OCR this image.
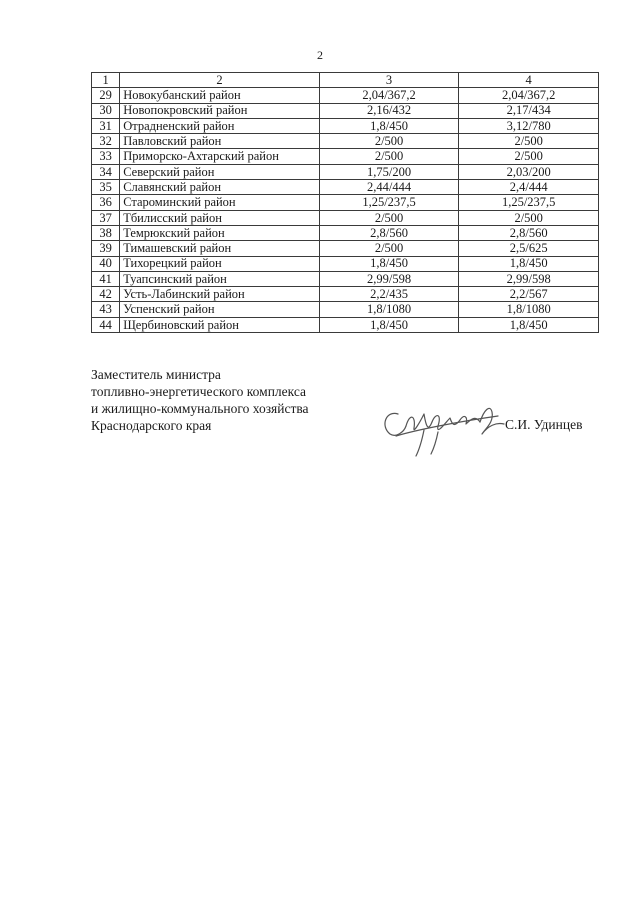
2
1	2	3	4
29	Новокубанский район	2,04/367,2	2,04/367,2
30	Новопокровский район	2,16/432	2,17/434
31	Отрадненский район	1,8/450	3,12/780
32	Павловский район	2/500	2/500
33	Приморско-Ахтарский район	2/500	2/500
34	Северский район	1,75/200	2,03/200
35	Славянский район	2,44/444	2,4/444
36	Староминский район	1,25/237,5	1,25/237,5
37	Тбилисский район	2/500	2/500
38	Темрюкский район	2,8/560	2,8/560
39	Тимашевский район	2/500	2,5/625
40	Тихорецкий район	1,8/450	1,8/450
41	Туапсинский район	2,99/598	2,99/598
42	Усть-Лабинский район	2,2/435	2,2/567
43	Успенский район	1,8/1080	1,8/1080
44	Щербиновский район	1,8/450	1,8/450
Заместитель министра
топливно-энергетического комплекса
и жилищно-коммунального хозяйства
Краснодарского края	С.И. Удинцев
